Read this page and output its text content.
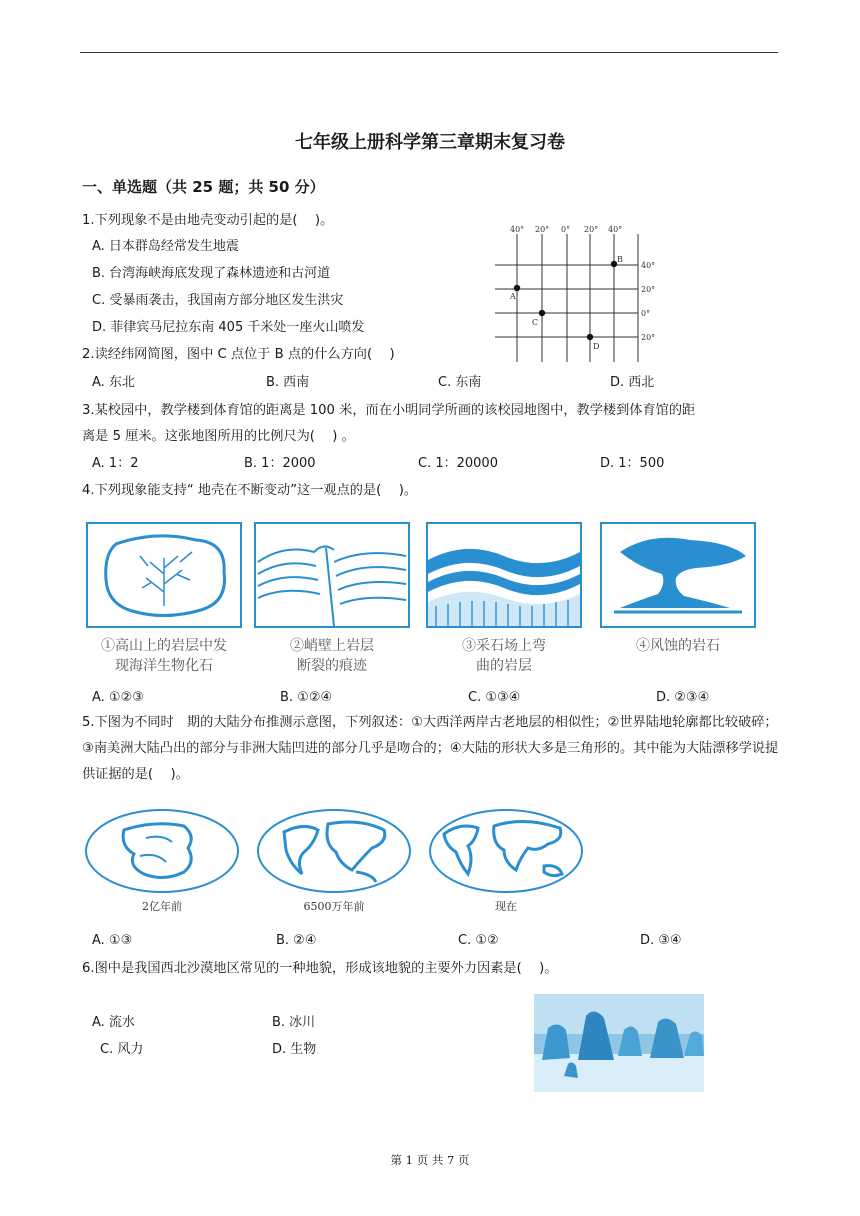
七年级上册科学第三章期末复习卷
一、单选题（共 25 题；共 50 分）
1.下列现象不是由地壳变动引起的是(　 )。
A. 日本群岛经常发生地震
B. 台湾海峡海底发现了森林遗迹和古河道
C. 受暴雨袭击，我国南方部分地区发生洪灾
D. 菲律宾马尼拉东南 405 千米处一座火山喷发
40° 20° 0° 20° 40°
40°
20°
0°
20°
A
B
C
D
2.读经纬网简图，图中 C 点位于 B 点的什么方向(　 )
A. 东北	B. 西南	C. 东南	D. 西北
3.某校园中，教学楼到体育馆的距离是 100 米，而在小明同学所画的该校园地图中，教学楼到体育馆的距
离是 5 厘米。这张地图所用的比例尺为(　 ) 。
A. 1：2	B. 1：2000	C. 1：20000	D. 1：500
4.下列现象能支持“ 地壳在不断变动”这一观点的是(　 )。
①高山上的岩层中发
现海洋生物化石
②峭壁上岩层
断裂的痕迹
③采石场上弯
曲的岩层
④风蚀的岩石
A. ①②③	B. ①②④	C. ①③④	D. ②③④
5.下图为不同时　期的大陆分布推测示意图，下列叙述：①大西洋两岸古老地层的相似性；②世界陆地轮廓都比较破碎；③南美洲大陆凸出的部分与非洲大陆凹进的部分几乎是吻合的；④大陆的形状大多是三角形的。其中能为大陆漂移学说提供证据的是(　 )。
2亿年前	6500万年前	现在
A. ①③	B. ②④	C. ①②	D. ③④
6.图中是我国西北沙漠地区常见的一种地貌，形成该地貌的主要外力因素是(　 )。
A. 流水	B. 冰川
C. 风力	D. 生物
第 1 页 共 7 页
